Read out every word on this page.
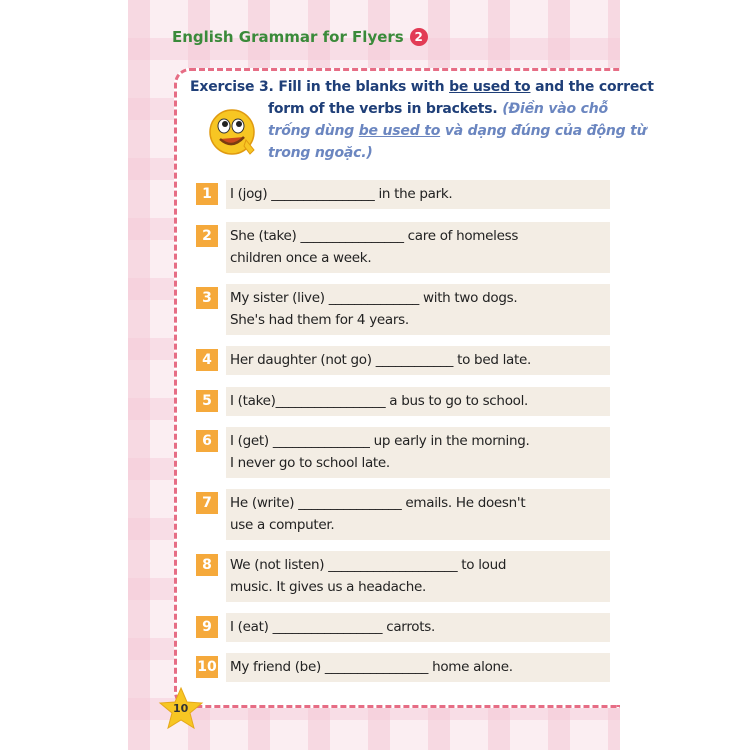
English Grammar for Flyers 2
Exercise 3. Fill in the blanks with be used to and the correct
form of the verbs in brackets. (Điền vào chỗ
trống dùng be used to và dạng đúng của động từ
trong ngoặc.)
1	I (jog) ________________ in the park.
2	She (take) ________________ care of homeless
children once a week.
3	My sister (live) ______________ with two dogs.
She's had them for 4 years.
4	Her daughter (not go) ____________ to bed late.
5	I (take)_________________ a bus to go to school.
6	I (get) _______________ up early in the morning.
I never go to school late.
7	He (write) ________________ emails. He doesn't
use a computer.
8	We (not listen) ____________________ to loud
music. It gives us a headache.
9	I (eat) _________________ carrots.
10 My friend (be) ________________ home alone.
10
